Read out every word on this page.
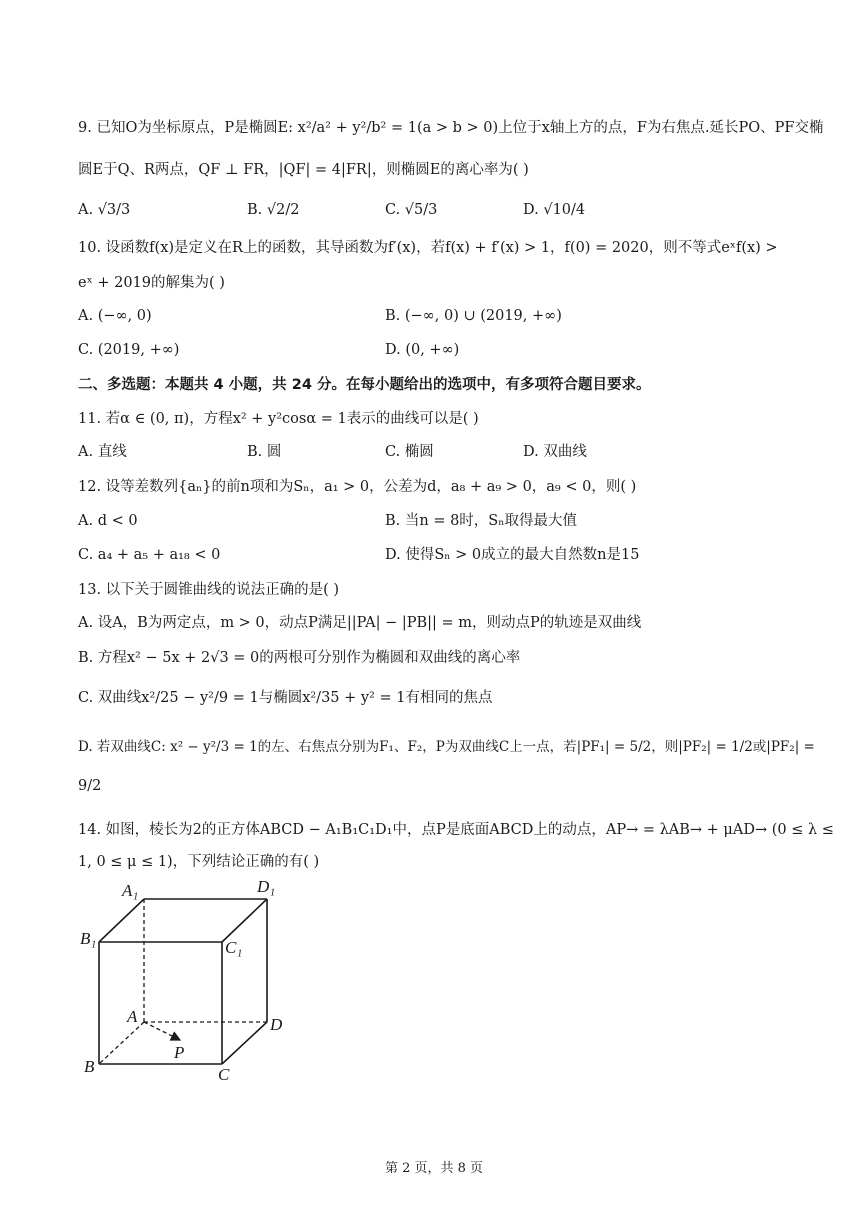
9. 已知O为坐标原点，P是椭圆E: x²/a² + y²/b² = 1(a > b > 0)上位于x轴上方的点，F为右焦点.延长PO、PF交椭
圆E于Q、R两点，QF ⊥ FR，|QF| = 4|FR|，则椭圆E的离心率为( )
A. √3/3	B. √2/2	C. √5/3	D. √10/4
10. 设函数f(x)是定义在R上的函数，其导函数为f′(x)，若f(x) + f′(x) > 1，f(0) = 2020，则不等式eˣf(x) >
eˣ + 2019的解集为( )
A. (−∞, 0)	B. (−∞, 0) ∪ (2019, +∞)
C. (2019, +∞)	D. (0, +∞)
二、多选题：本题共 4 小题，共 24 分。在每小题给出的选项中，有多项符合题目要求。
11. 若α ∈ (0, π)，方程x² + y²cosα = 1表示的曲线可以是( )
A. 直线	B. 圆	C. 椭圆	D. 双曲线
12. 设等差数列{aₙ}的前n项和为Sₙ，a₁ > 0，公差为d，a₈ + a₉ > 0，a₉ < 0，则( )
A. d < 0	B. 当n = 8时，Sₙ取得最大值
C. a₄ + a₅ + a₁₈ < 0	D. 使得Sₙ > 0成立的最大自然数n是15
13. 以下关于圆锥曲线的说法正确的是( )
A. 设A，B为两定点，m > 0，动点P满足||PA| − |PB|| = m，则动点P的轨迹是双曲线
B. 方程x² − 5x + 2√3 = 0的两根可分别作为椭圆和双曲线的离心率
C. 双曲线x²/25 − y²/9 = 1与椭圆x²/35 + y² = 1有相同的焦点
D. 若双曲线C: x² − y²/3 = 1的左、右焦点分别为F₁、F₂，P为双曲线C上一点，若|PF₁| = 5/2，则|PF₂| = 1/2或|PF₂| =
9/2
14. 如图，棱长为2的正方体ABCD − A₁B₁C₁D₁中，点P是底面ABCD上的动点，AP→ = λAB→ + μAD→ (0 ≤ λ ≤
1, 0 ≤ μ ≤ 1)，下列结论正确的有( )
A₁	D₁
B₁	C₁
A	D
B	C
P
第 2 页，共 8 页
